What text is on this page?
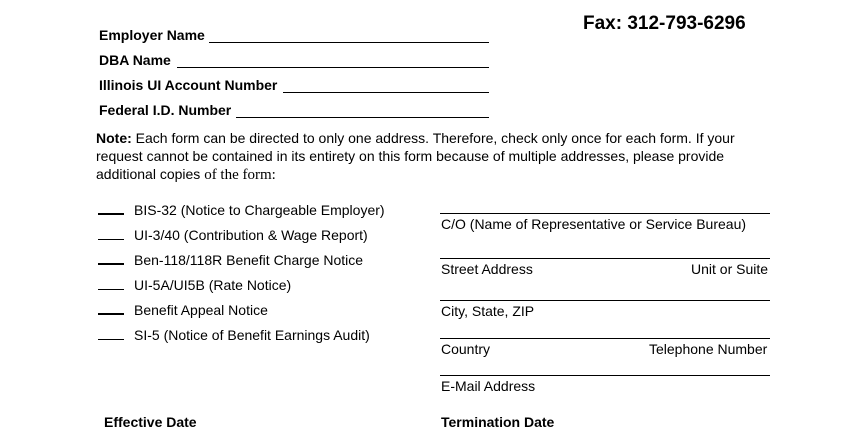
Fax: 312-793-6296
Employer Name
DBA Name
Illinois UI Account Number
Federal I.D. Number
Note: Each form can be directed to only one address. Therefore, check only once for each form. If your request cannot be contained in its entirety on this form because of multiple addresses, please provide additional copies of the form:
BIS-32 (Notice to Chargeable Employer)
UI-3/40 (Contribution & Wage Report)
Ben-118/118R Benefit Charge Notice
UI-5A/UI5B (Rate Notice)
Benefit Appeal Notice
SI-5 (Notice of Benefit Earnings Audit)
C/O (Name of Representative or Service Bureau)
Street Address	Unit or Suite
City, State, ZIP
Country	Telephone Number
E-Mail Address
Effective Date	Termination Date
